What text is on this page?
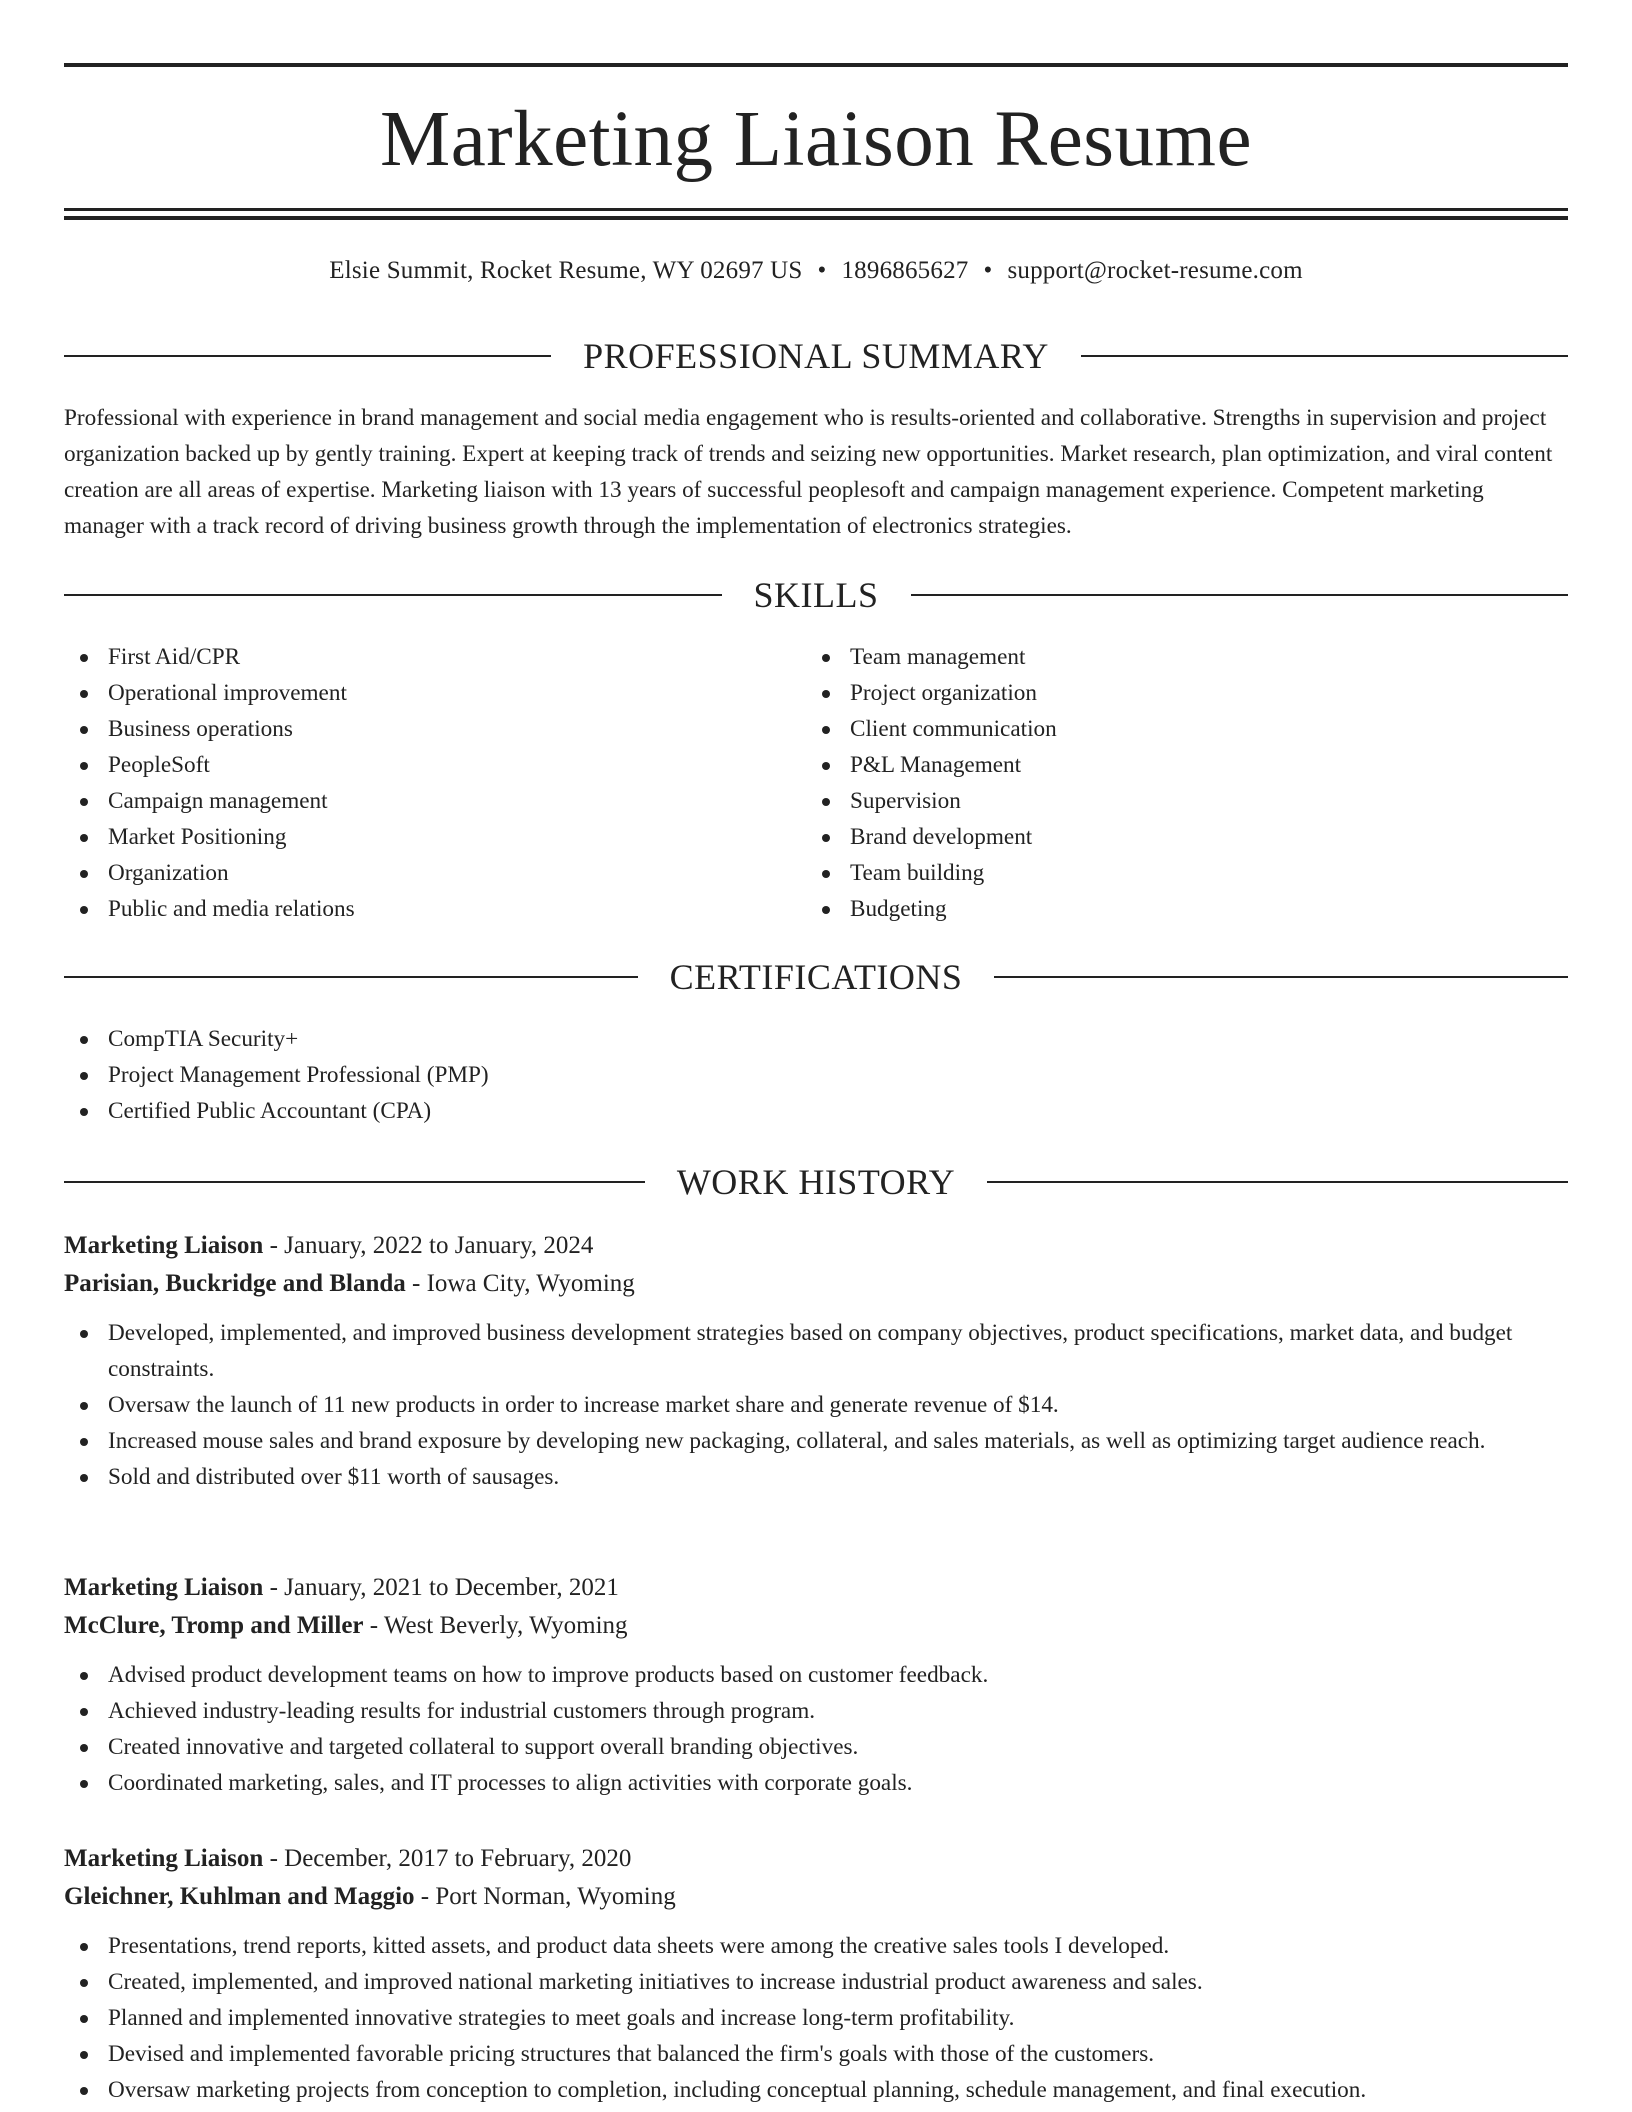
Marketing Liaison Resume
Elsie Summit, Rocket Resume, WY 02697 US • 1896865627 • support@rocket-resume.com
PROFESSIONAL SUMMARY

Professional with experience in brand management and social media engagement who is results-oriented and collaborative. Strengths in supervision and project organization backed up by gently training. Expert at keeping track of trends and seizing new opportunities. Market research, plan optimization, and viral content creation are all areas of expertise. Marketing liaison with 13 years of successful peoplesoft and campaign management experience. Competent marketing manager with a track record of driving business growth through the implementation of electronics strategies.

SKILLS
First Aid/CPR
Operational improvement
Business operations
PeopleSoft
Campaign management
Market Positioning
Organization
Public and media relations
Team management
Project organization
Client communication
P&L Management
Supervision
Brand development
Team building
Budgeting
CERTIFICATIONS
CompTIA Security+
Project Management Professional (PMP)
Certified Public Accountant (CPA)
WORK HISTORY
Marketing Liaison - January, 2022 to January, 2024
Parisian, Buckridge and Blanda - Iowa City, Wyoming
Developed, implemented, and improved business development strategies based on company objectives, product specifications, market data, and budget constraints.
Oversaw the launch of 11 new products in order to increase market share and generate revenue of $14.
Increased mouse sales and brand exposure by developing new packaging, collateral, and sales materials, as well as optimizing target audience reach.
Sold and distributed over $11 worth of sausages.
Marketing Liaison - January, 2021 to December, 2021
McClure, Tromp and Miller - West Beverly, Wyoming
Advised product development teams on how to improve products based on customer feedback.
Achieved industry-leading results for industrial customers through program.
Created innovative and targeted collateral to support overall branding objectives.
Coordinated marketing, sales, and IT processes to align activities with corporate goals.
Marketing Liaison - December, 2017 to February, 2020
Gleichner, Kuhlman and Maggio - Port Norman, Wyoming
Presentations, trend reports, kitted assets, and product data sheets were among the creative sales tools I developed.
Created, implemented, and improved national marketing initiatives to increase industrial product awareness and sales.
Planned and implemented innovative strategies to meet goals and increase long-term profitability.
Devised and implemented favorable pricing structures that balanced the firm's goals with those of the customers.
Oversaw marketing projects from conception to completion, including conceptual planning, schedule management, and final execution.
